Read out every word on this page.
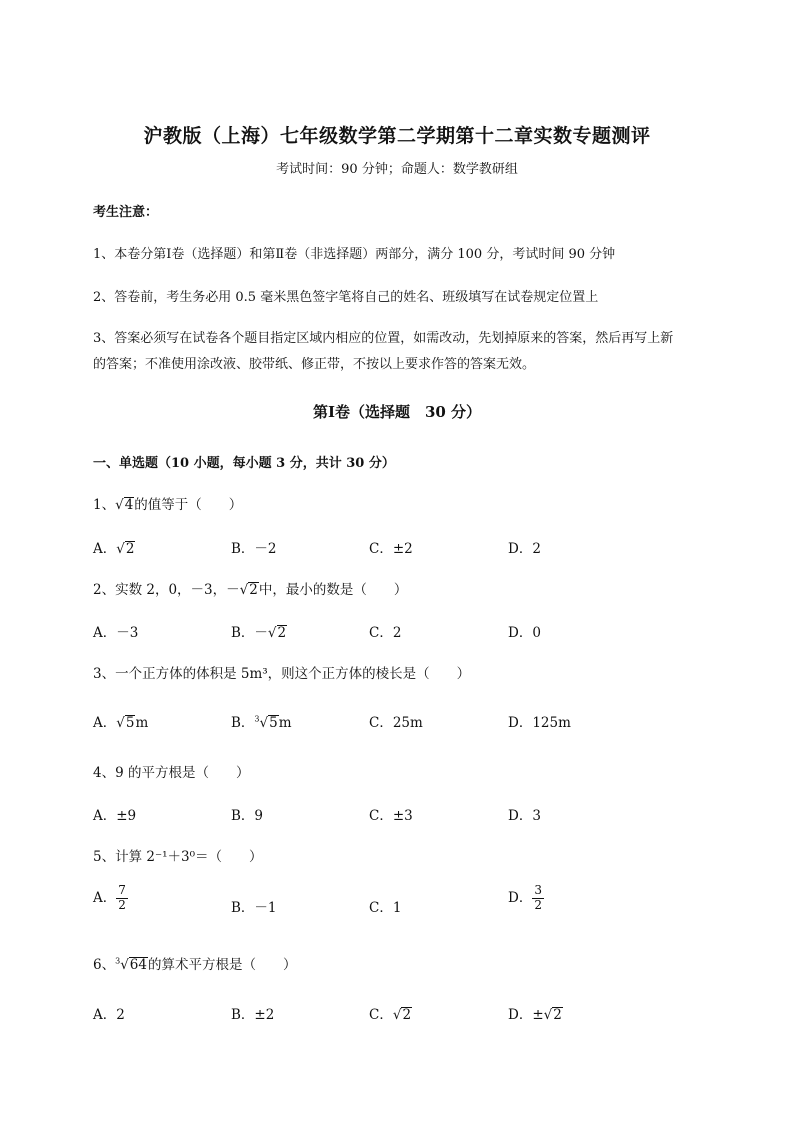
沪教版（上海）七年级数学第二学期第十二章实数专题测评
考试时间：90 分钟；命题人：数学教研组
考生注意：
1、本卷分第Ⅰ卷（选择题）和第Ⅱ卷（非选择题）两部分，满分 100 分，考试时间 90 分钟
2、答卷前，考生务必用 0.5 毫米黑色签字笔将自己的姓名、班级填写在试卷规定位置上
3、答案必须写在试卷各个题目指定区域内相应的位置，如需改动，先划掉原来的答案，然后再写上新
的答案；不准使用涂改液、胶带纸、修正带，不按以上要求作答的答案无效。
第Ⅰ卷（选择题　30 分）
一、单选题（10 小题，每小题 3 分，共计 30 分）
1、√4的值等于（　　）
A．√2	B．－2	C．±2	D．2
2、实数 2，0，－3，－√2中，最小的数是（　　）
A．－3	B．－√2	C．2	D．0
3、一个正方体的体积是 5m³，则这个正方体的棱长是（　　）
A．√5m	B．$^3$√5m	C．25m	D．125m
4、9 的平方根是（　　）
A．±9	B．9	C．±3	D．3
5、计算 2⁻¹＋3⁰＝（　　）
A． $\frac{7}{2}$	B．－1	C．1
D． $\frac{3}{2}$
6、$^3$√64的算术平方根是（　　）
A．2	B．±2	C．√2	D．±√2
